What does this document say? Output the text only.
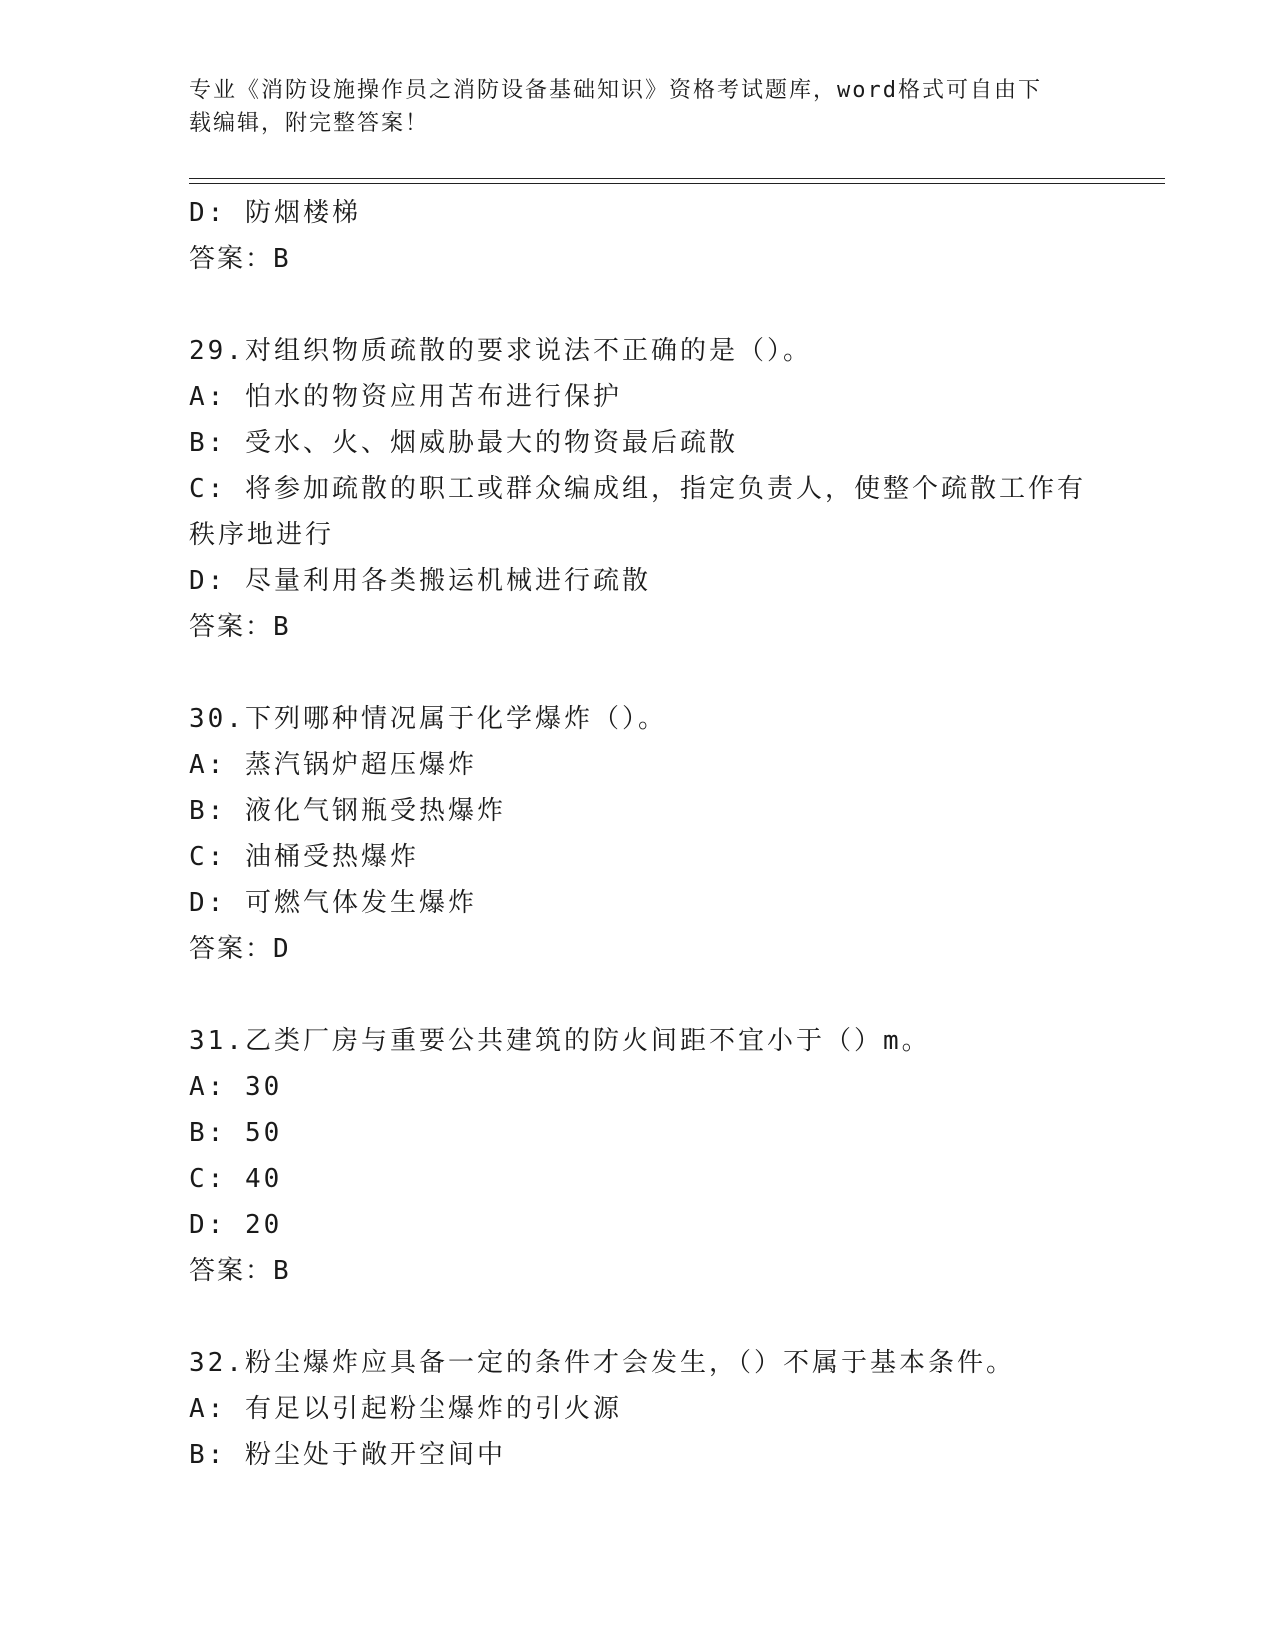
专业《消防设施操作员之消防设备基础知识》资格考试题库，word格式可自由下
载编辑，附完整答案！
D: 防烟楼梯
答案：B
29.对组织物质疏散的要求说法不正确的是（）。
A: 怕水的物资应用苫布进行保护
B: 受水、火、烟威胁最大的物资最后疏散
C: 将参加疏散的职工或群众编成组，指定负责人，使整个疏散工作有
秩序地进行
D: 尽量利用各类搬运机械进行疏散
答案：B
30.下列哪种情况属于化学爆炸（）。
A: 蒸汽锅炉超压爆炸
B: 液化气钢瓶受热爆炸
C: 油桶受热爆炸
D: 可燃气体发生爆炸
答案：D
31.乙类厂房与重要公共建筑的防火间距不宜小于（）m。
A: 30
B: 50
C: 40
D: 20
答案：B
32.粉尘爆炸应具备一定的条件才会发生，（）不属于基本条件。
A: 有足以引起粉尘爆炸的引火源
B: 粉尘处于敞开空间中
